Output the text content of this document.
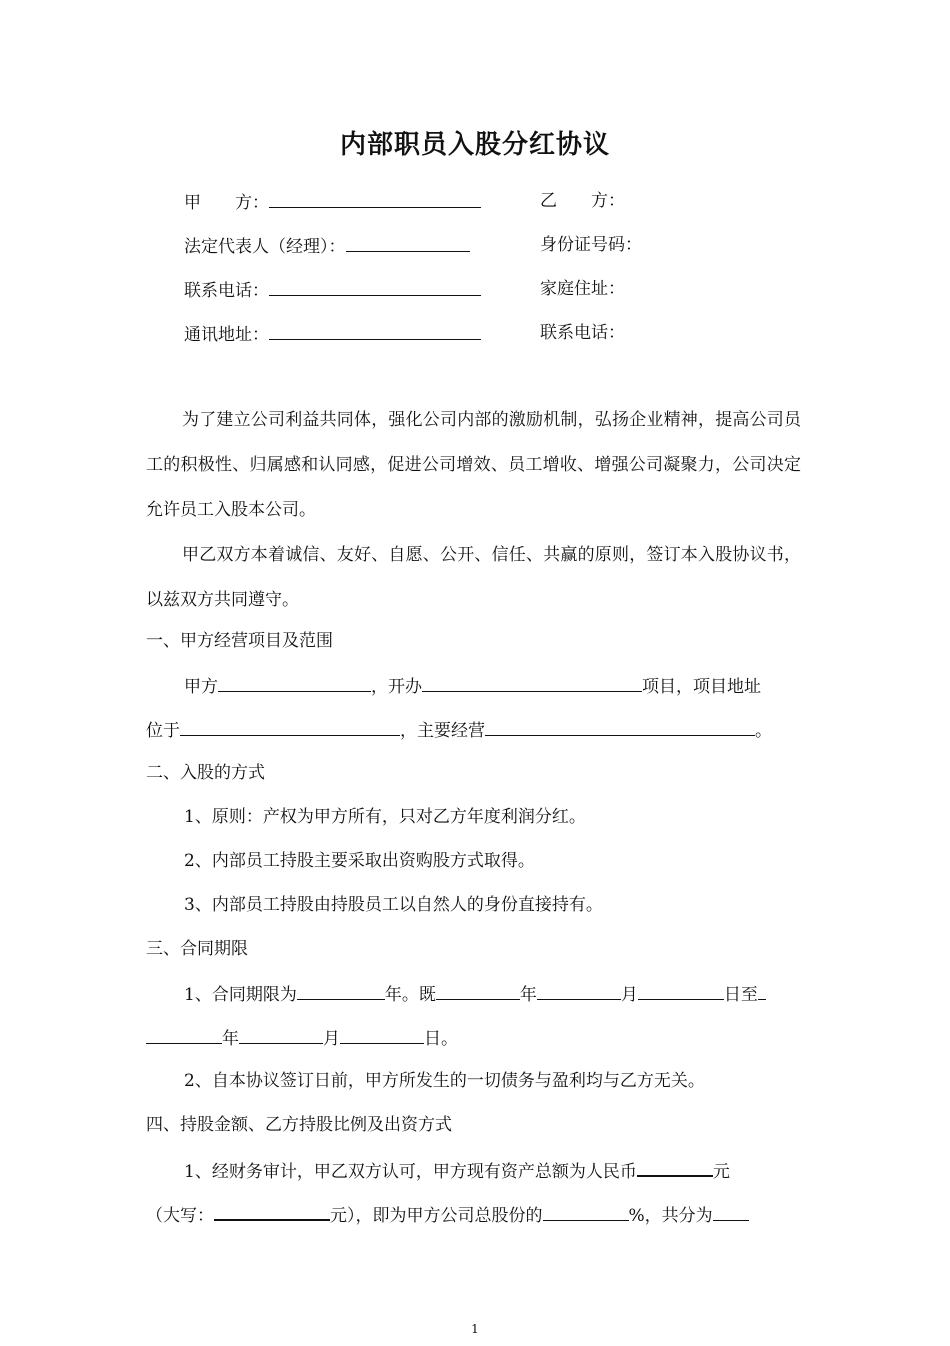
内部职员入股分红协议
甲　　方：	乙　　方：
法定代表人（经理）：	身份证号码：
联系电话：	家庭住址：
通讯地址：	联系电话：
为了建立公司利益共同体，强化公司内部的激励机制，弘扬企业精神，提高公司员工的积极性、归属感和认同感，促进公司增效、员工增收、增强公司凝聚力，公司决定允许员工入股本公司。
甲乙双方本着诚信、友好、自愿、公开、信任、共赢的原则，签订本入股协议书，以兹双方共同遵守。
一、甲方经营项目及范围
甲方	，开办	项目，项目地址
位于	，主要经营	。
二、入股的方式
1、原则：产权为甲方所有，只对乙方年度利润分红。
2、内部员工持股主要采取出资购股方式取得。
3、内部员工持股由持股员工以自然人的身份直接持有。
三、合同期限
1、合同期限为	年。既	年	月	日至
年	月	日。
2、自本协议签订日前，甲方所发生的一切债务与盈利均与乙方无关。
四、持股金额、乙方持股比例及出资方式
1、经财务审计，甲乙双方认可，甲方现有资产总额为人民币	元
（大写：	元），即为甲方公司总股份的	%，共分为
1
